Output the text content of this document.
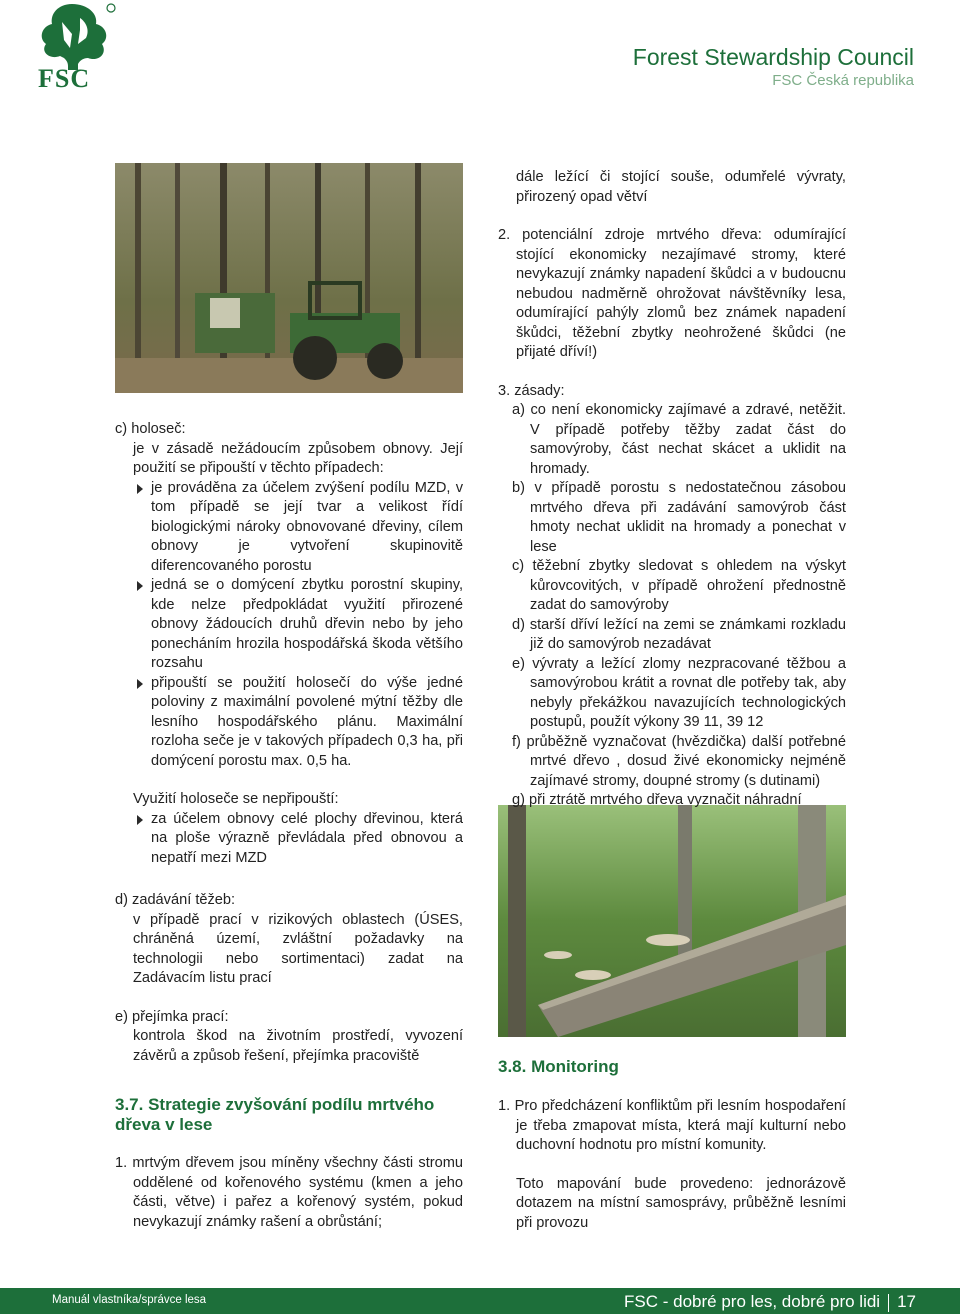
FSC
Forest Stewardship Council
FSC Česká republika

c) holoseč:

je v zásadě nežádoucím způsobem obnovy. Její použití se připouští v těchto případech:

je prováděna za účelem zvýšení podílu MZD, v tom případě se její tvar a velikost řídí biologickými nároky obnovované dřeviny, cílem obnovy je vytvoření skupinovitě diferencovaného porostu

jedná se o domýcení zbytku porostní skupiny, kde nelze předpokládat využití přirozené obnovy žádoucích druhů dřevin nebo by jeho ponecháním hrozila hospodářská škoda většího rozsahu

připouští se použití holosečí do výše jedné poloviny z maximální povolené mýtní těžby dle lesního hospodářského plánu. Maximální rozloha seče je v takových případech 0,3 ha, při domýcení porostu max. 0,5 ha.

Využití holoseče se nepřipouští:

za účelem obnovy celé plochy dřevinou, která na ploše výrazně převládala před obnovou a nepatří mezi MZD

d) zadávání těžeb:

v případě prací v rizikových oblastech (ÚSES, chráněná území, zvláštní požadavky na technologii nebo sortimentaci) zadat na Zadávacím listu prací

e) přejímka prací:

kontrola škod na životním prostředí, vyvození závěrů a způsob řešení, přejímka pracoviště

3.7. Strategie zvyšování podílu mrtvého dřeva v lese

1. mrtvým dřevem jsou míněny všechny části stromu oddělené od kořenového systému (kmen a jeho části, větve) i pařez a kořenový systém, pokud nevykazují známky rašení a obrůstání;

dále ležící či stojící souše, odumřelé vývraty, přirozený opad větví

2. potenciální zdroje mrtvého dřeva: odumírající stojící ekonomicky nezajímavé stromy, které nevykazují známky napadení škůdci a v budoucnu nebudou nadměrně ohrožovat návštěvníky lesa, odumírající pahýly zlomů bez známek napadení škůdci, těžební zbytky neohrožené škůdci (ne přijaté dříví!)

3. zásady:

a) co není ekonomicky zajímavé a zdravé, netěžit. V případě potřeby těžby zadat část do samovýroby, část nechat skácet a uklidit na hromady.

b) v případě porostu s nedostatečnou zásobou mrtvého dřeva při zadávání samovýrob část hmoty nechat uklidit na hromady a ponechat v lese

c) těžební zbytky sledovat s ohledem na výskyt kůrovcovitých, v případě ohrožení přednostně zadat do samovýroby

d) starší dříví ležící na zemi se známkami rozkladu již do samovýrob nezadávat

e) vývraty a ležící zlomy nezpracované těžbou a samovýrobou krátit a rovnat dle potřeby tak, aby nebyly překážkou navazujících technologických postupů, použít výkony 39 11, 39 12

f) průběžně vyznačovat (hvězdička) další potřebné mrtvé dřevo , dosud živé ekonomicky nejméně zajímavé stromy, doupné stromy (s dutinami)

g) při ztrátě mrtvého dřeva vyznačit náhradní

3.8. Monitoring

1. Pro předcházení konfliktům při lesním hospodaření je třeba zmapovat místa, která mají kulturní nebo duchovní hodnotu pro místní komunity.

Toto mapování bude provedeno: jednorázově dotazem na místní samosprávy, průběžně lesními při provozu

Manuál vlastníka/správce lesa	FSC - dobré pro les, dobré pro lidi 17
